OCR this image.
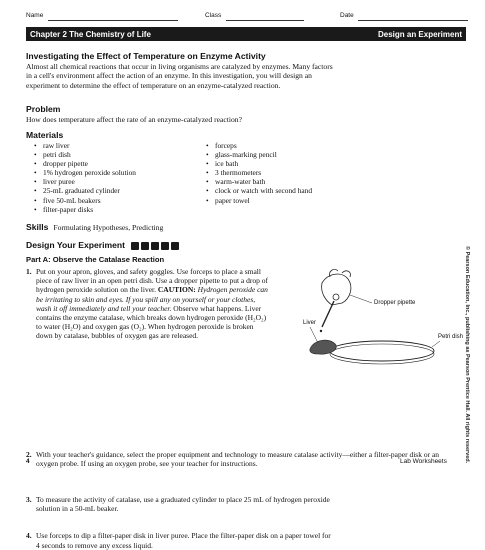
Name	Class	Date
Chapter 2 The Chemistry of Life	Design an Experiment
Investigating the Effect of Temperature on Enzyme Activity
Almost all chemical reactions that occur in living organisms are catalyzed by enzymes. Many factors in a cell's environment affect the action of an enzyme. In this investigation, you will design an experiment to determine the effect of temperature on an enzyme-catalyzed reaction.
Problem
How does temperature affect the rate of an enzyme-catalyzed reaction?
Materials
• raw liver
• petri dish
• dropper pipette
• 1% hydrogen peroxide solution
• liver puree
• 25-mL graduated cylinder
• five 50-mL beakers
• filter-paper disks
• forceps
• glass-marking pencil
• ice bath
• 3 thermometers
• warm-water bath
• clock or watch with second hand
• paper towel
Skills Formulating Hypotheses, Predicting
Design Your Experiment
Part A: Observe the Catalase Reaction
1. Put on your apron, gloves, and safety goggles. Use forceps to place a small piece of raw liver in an open petri dish. Use a dropper pipette to put a drop of hydrogen peroxide solution on the liver. CAUTION: Hydrogen peroxide can be irritating to skin and eyes. If you spill any on yourself or your clothes, wash it off immediately and tell your teacher. Observe what happens. Liver contains the enzyme catalase, which breaks down hydrogen peroxide (H₂O₂) to water (H₂O) and oxygen gas (O₂). When hydrogen peroxide is broken down by catalase, bubbles of oxygen gas are released.
2. With your teacher's guidance, select the proper equipment and technology to measure catalase activity—either a filter-paper disk or an oxygen probe. If using an oxygen probe, see your teacher for instructions.
3. To measure the activity of catalase, use a graduated cylinder to place 25 mL of hydrogen peroxide solution in a 50-mL beaker.
4. Use forceps to dip a filter-paper disk in liver puree. Place the filter-paper disk on a paper towel for 4 seconds to remove any excess liquid.
Dropper pipette
Liver
Petri dish © Pearson Education, Inc., publishing as Pearson Prentice Hall. All rights reserved.
4	Lab Worksheets
